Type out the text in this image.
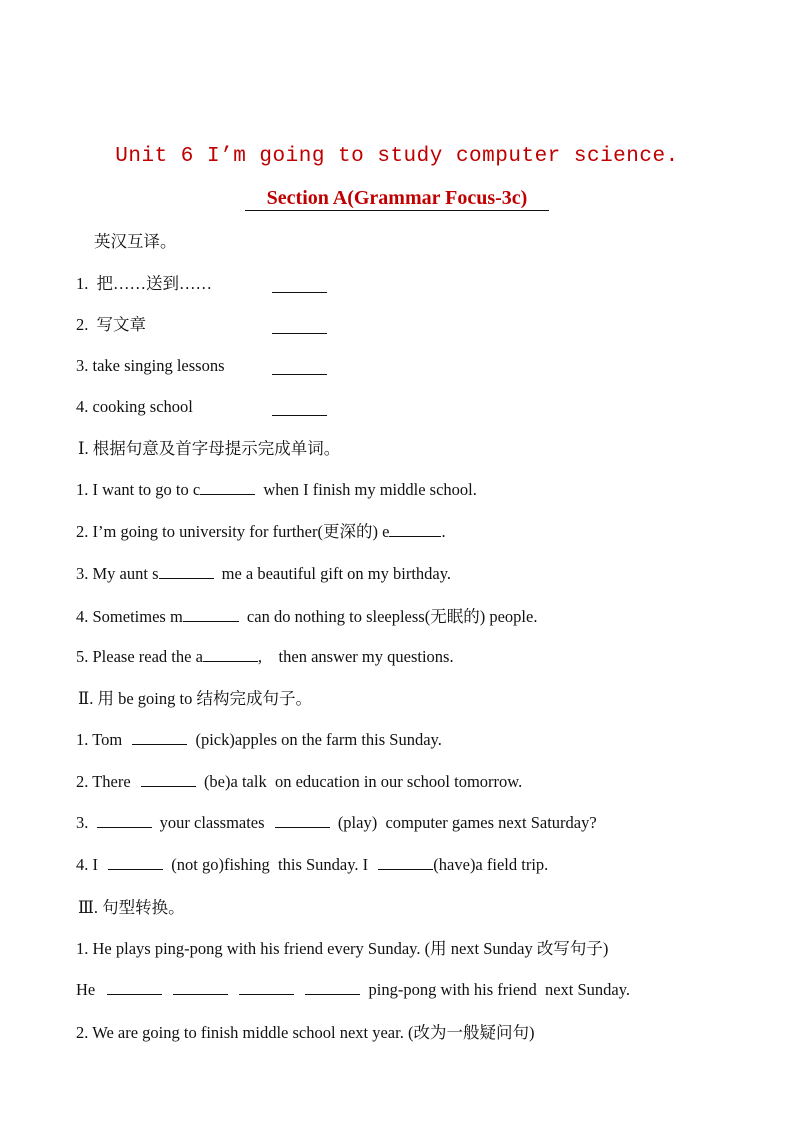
Unit 6 I’m going to study computer science.
Section A(Grammar Focus-3c)
英汉互译。
1. 把……送到……
2. 写文章
3. take singing lessons
4. cooking school
Ⅰ. 根据句意及首字母提示完成单词。
1. I want to go to c	when I finish my middle school.
2. I’m going to university for further(更深的) e	.
3. My aunt s	me a beautiful gift on my birthday.
4. Sometimes m	can do nothing to sleepless(无眠的) people.
5. Please read the a	,    then answer my questions.
Ⅱ. 用 be going to 结构完成句子。
1. Tom	(pick)apples on the farm this Sunday.
2. There	(be)a talk  on education in our school tomorrow.
3.	your classmates	(play)  computer games next Saturday?
4. I	(not go)fishing  this Sunday. I	(have)a field trip.
Ⅲ. 句型转换。
1. He plays ping-pong with his friend every Sunday. (用 next Sunday 改写句子)
He	ping-pong with his friend  next Sunday.
2. We are going to finish middle school next year. (改为一般疑问句)
